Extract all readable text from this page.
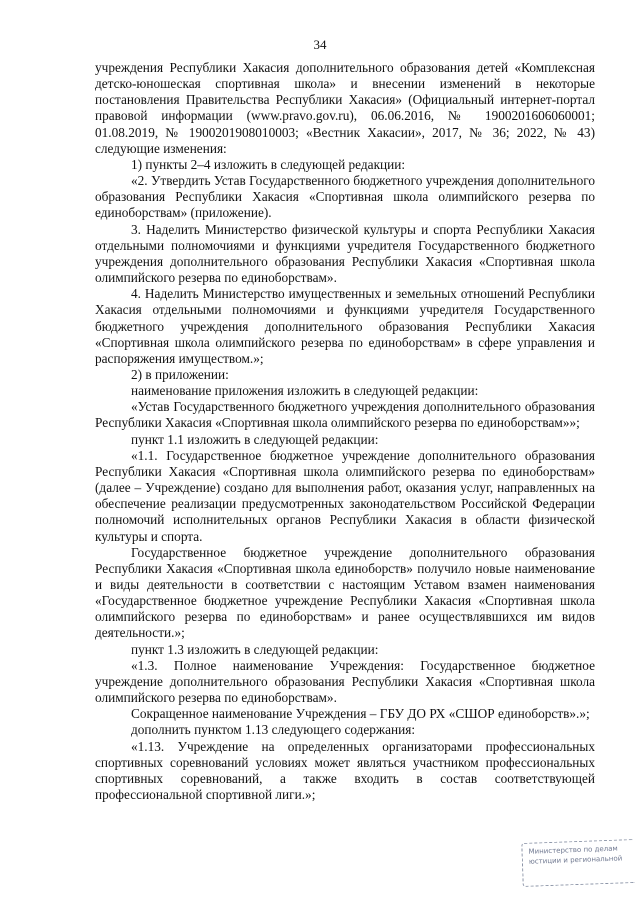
34

учреждения Республики Хакасия дополнительного образования детей «Комплексная детско-юношеская спортивная школа» и внесении изменений в некоторые постановления Правительства Республики Хакасия» (Официальный интернет-портал правовой информации (www.pravo.gov.ru), 06.06.2016, № 1900201606060001; 01.08.2019, № 1900201908010003; «Вестник Хакасии», 2017, № 36; 2022, № 43) следующие изменения:

1) пункты 2–4 изложить в следующей редакции:

«2. Утвердить Устав Государственного бюджетного учреждения дополнительного образования Республики Хакасия «Спортивная школа олимпийского резерва по единоборствам» (приложение).

3. Наделить Министерство физической культуры и спорта Республики Хакасия отдельными полномочиями и функциями учредителя Государственного бюджетного учреждения дополнительного образования Республики Хакасия «Спортивная школа олимпийского резерва по единоборствам».

4. Наделить Министерство имущественных и земельных отношений Республики Хакасия отдельными полномочиями и функциями учредителя Государственного бюджетного учреждения дополнительного образования Республики Хакасия «Спортивная школа олимпийского резерва по единоборствам» в сфере управления и распоряжения имуществом.»;

2) в приложении:

наименование приложения изложить в следующей редакции:

«Устав Государственного бюджетного учреждения дополнительного образования Республики Хакасия «Спортивная школа олимпийского резерва по единоборствам»»;

пункт 1.1 изложить в следующей редакции:

«1.1. Государственное бюджетное учреждение дополнительного образования Республики Хакасия «Спортивная школа олимпийского резерва по единоборствам» (далее – Учреждение) создано для выполнения работ, оказания услуг, направленных на обеспечение реализации предусмотренных законодательством Российской Федерации полномочий исполнительных органов Республики Хакасия в области физической культуры и спорта.

Государственное бюджетное учреждение дополнительного образования Республики Хакасия «Спортивная школа единоборств» получило новые наименование и виды деятельности в соответствии с настоящим Уставом взамен наименования «Государственное бюджетное учреждение Республики Хакасия «Спортивная школа олимпийского резерва по единоборствам» и ранее осуществлявшихся им видов деятельности.»;

пункт 1.3 изложить в следующей редакции:

«1.3. Полное наименование Учреждения: Государственное бюджетное учреждение дополнительного образования Республики Хакасия «Спортивная школа олимпийского резерва по единоборствам».

Сокращенное наименование Учреждения – ГБУ ДО РХ «СШОР единоборств».»;

дополнить пунктом 1.13 следующего содержания:

«1.13. Учреждение на определенных организаторами профессиональных спортивных соревнований условиях может являться участником профессиональных спортивных соревнований, а также входить в состав соответствующей профессиональной спортивной лиги.»;

Министерство по делам
юстиции и региональной
